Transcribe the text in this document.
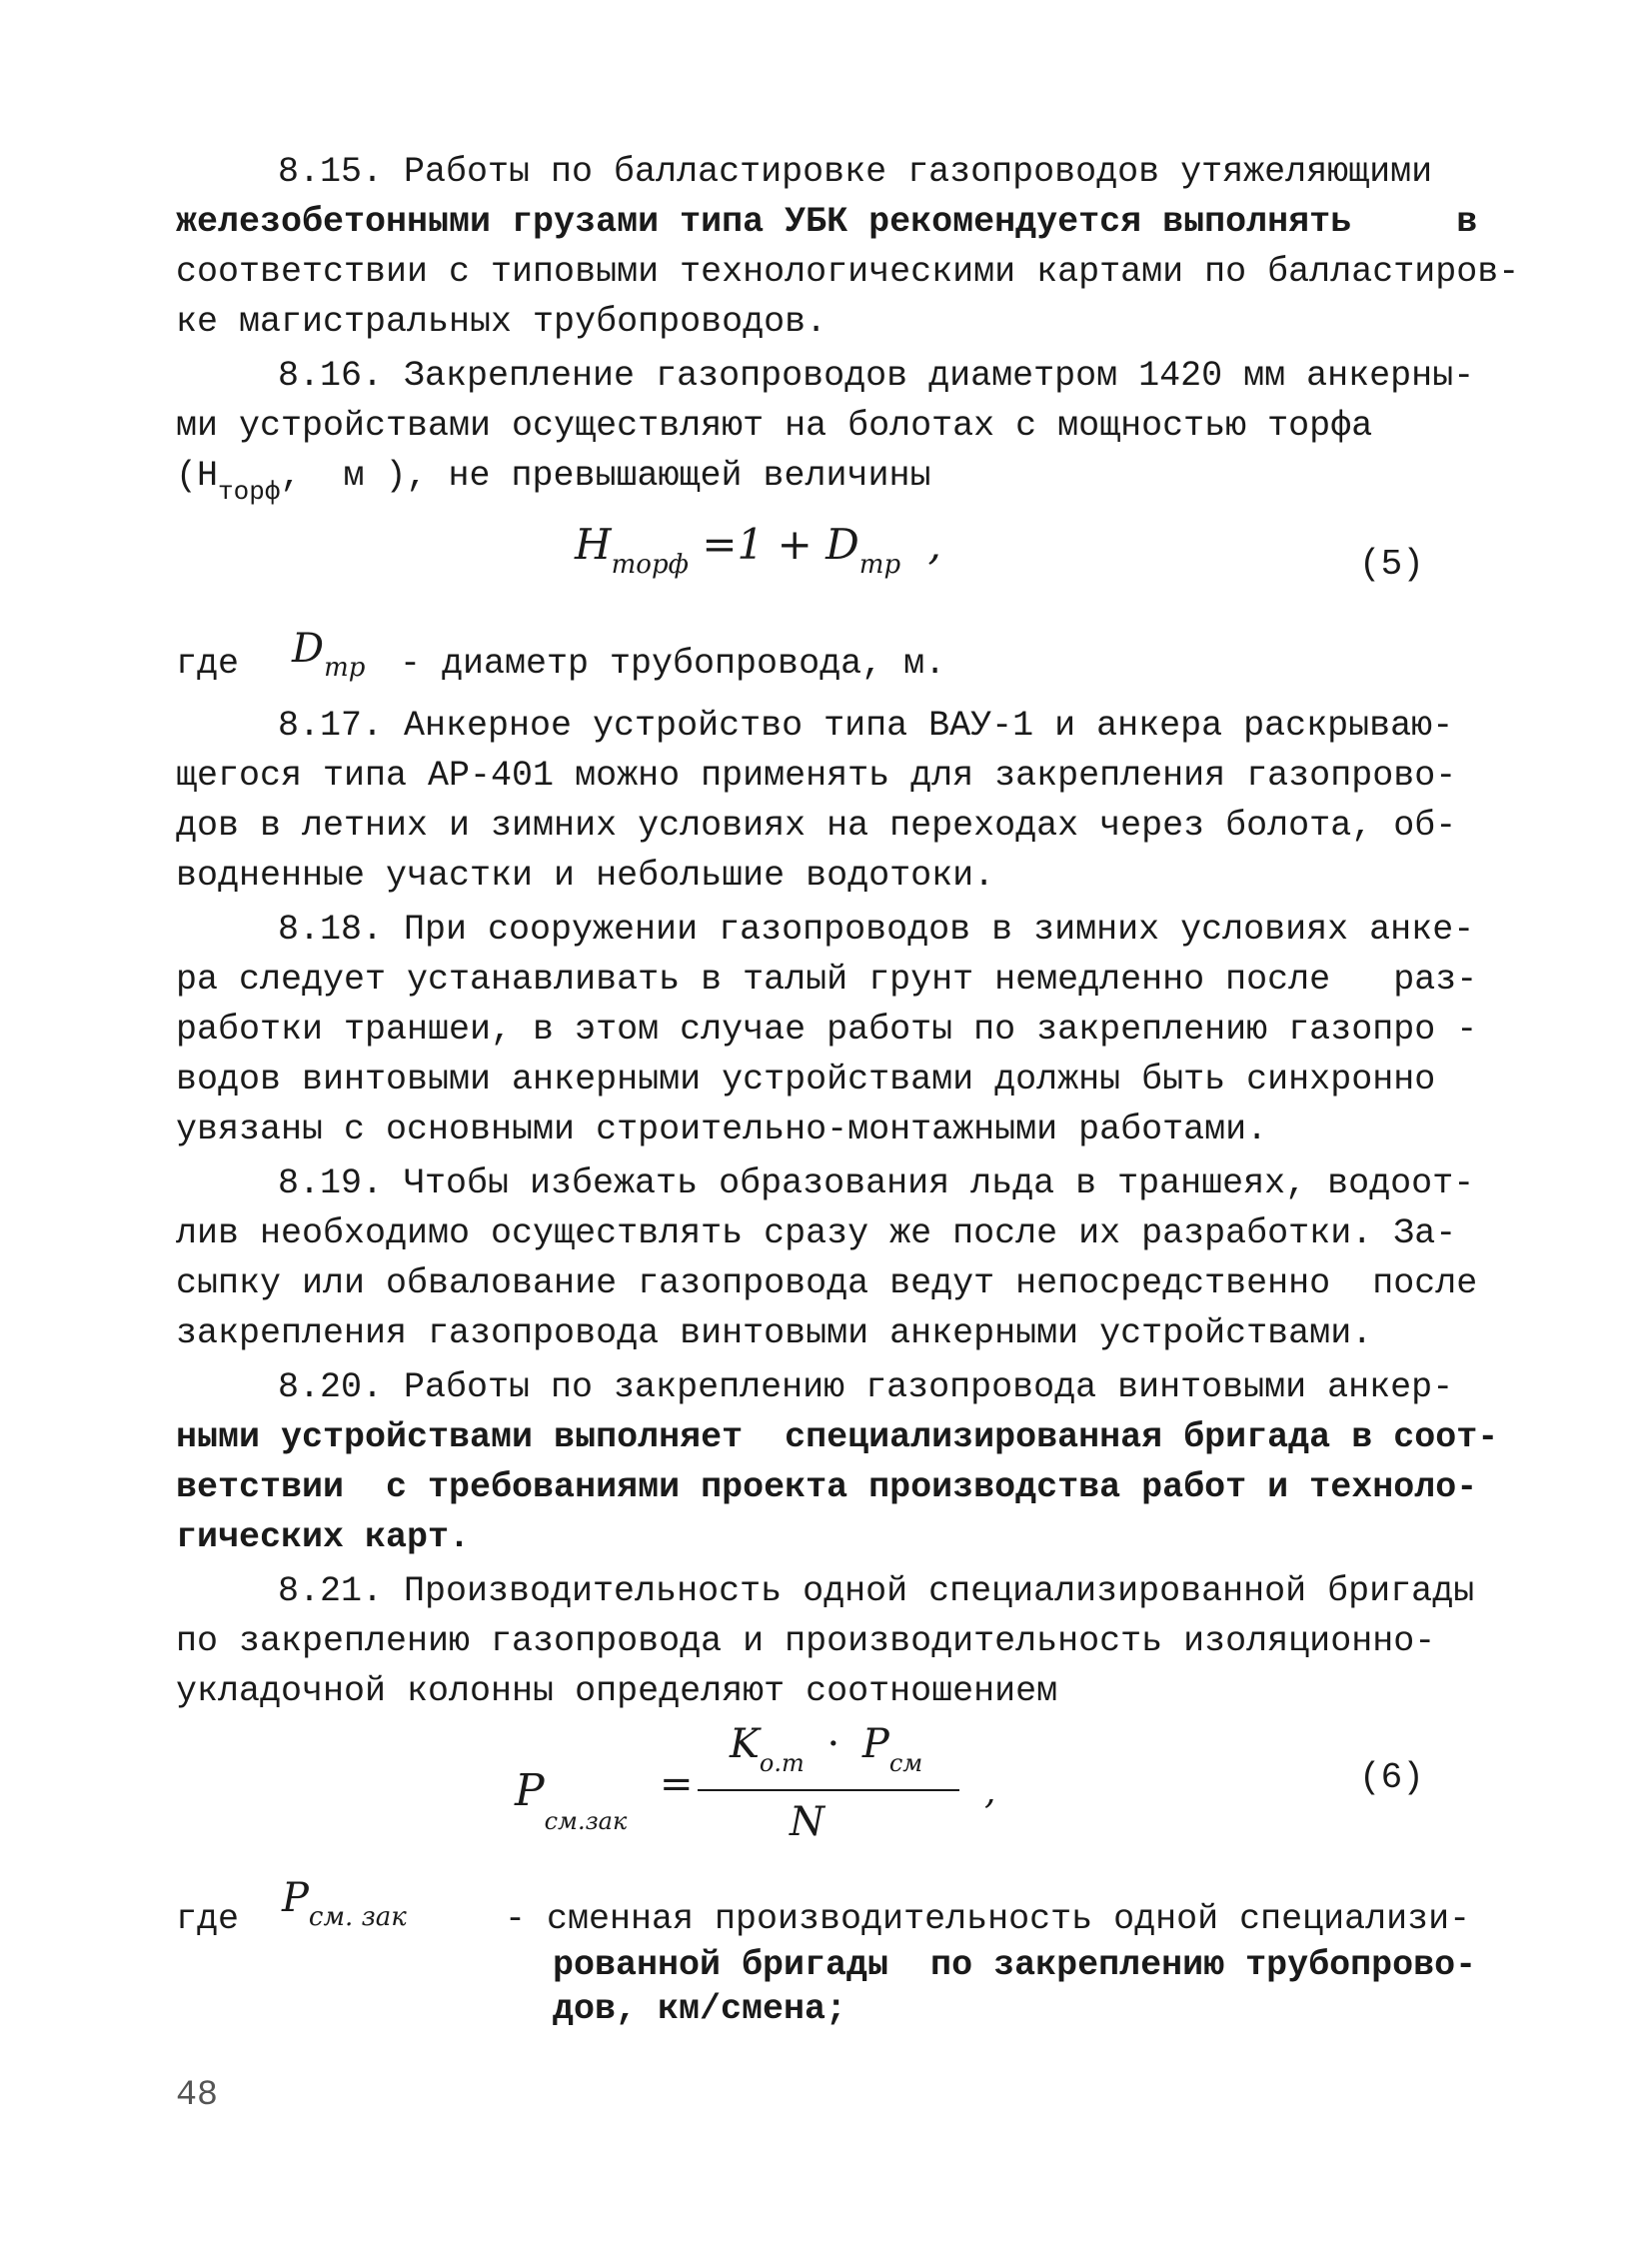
8.15. Работы по балластировке газопроводов утяжеляющими
железобетонными грузами типа УБК рекомендуется выполнять     в
соответствии с типовыми технологическими картами по балластиров-
ке магистральных трубопроводов.
8.16. Закрепление газопроводов диаметром 1420 мм анкерны-
ми устройствами осуществляют на болотах с мощностью торфа
($H_{торф}$,  м ), не превышающей величины
$H_{торф} =1 + D_{тр}$ ,	(5)
где $D_{тр}$ - диаметр трубопровода, м.
8.17. Анкерное устройство типа ВАУ-1 и анкера раскрываю-
щегося типа АР-401 можно применять для закрепления газопрово-
дов в летних и зимних условиях на переходах через болота, об-
водненные участки и небольшие водотоки.
8.18. При сооружении газопроводов в зимних условиях анке-
ра следует устанавливать в талый грунт немедленно после   раз-
работки траншеи, в этом случае работы по закреплению газопро -
водов винтовыми анкерными устройствами должны быть синхронно
увязаны с основными строительно-монтажными работами.
8.19. Чтобы избежать образования льда в траншеях, водоот-
лив необходимо осуществлять сразу же после их разработки. За-
сыпку или обвалование газопровода ведут непосредственно  после
закрепления газопровода винтовыми анкерными устройствами.
8.20. Работы по закреплению газопровода винтовыми анкер-
ными устройствами выполняет  специализированная бригада в соот-
ветствии  с требованиями проекта производства работ и техноло-
гических карт.
8.21. Производительность одной специализированной бригады
по закреплению газопровода и производительность изоляционно-
укладочной колонны определяют соотношением
$P_{см.зак}$
=
$K_{о.т} \cdot P_{см}$
N
,	(6)
где $P_{см. зак}$	- сменная производительность одной специализи-
рованной бригады  по закреплению трубопрово-
дов, км/смена;
48
